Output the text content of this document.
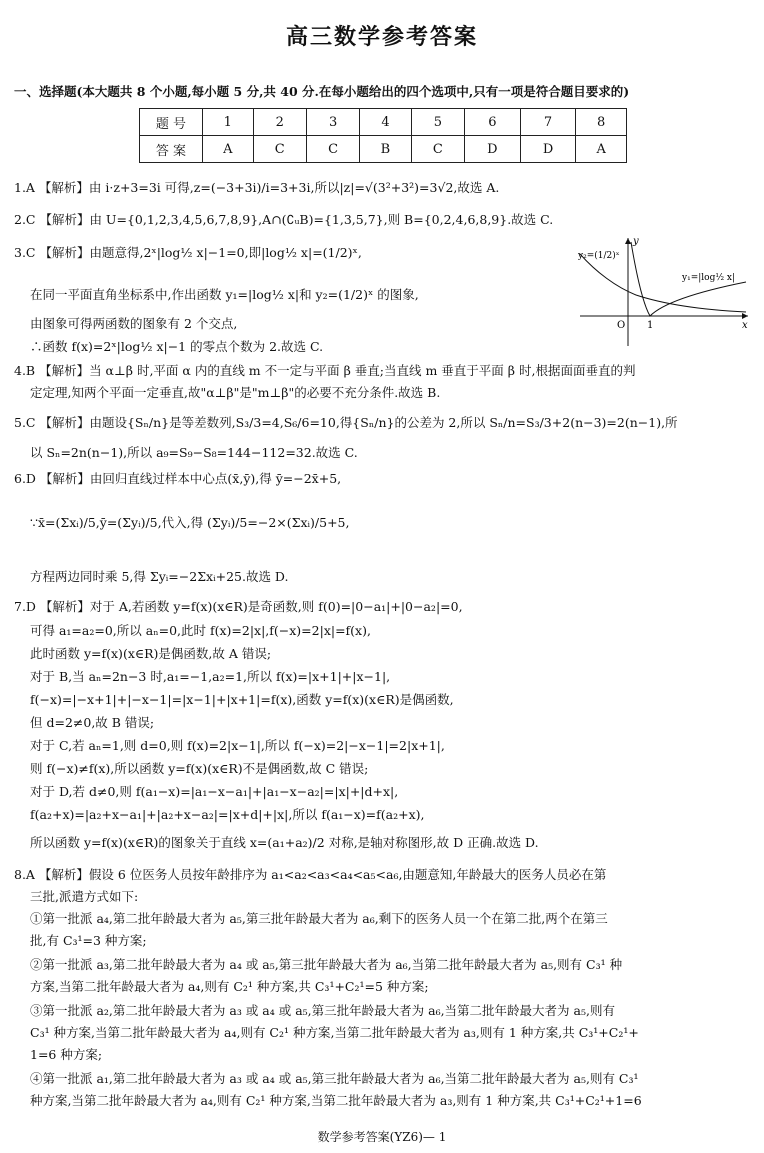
高三数学参考答案
一、选择题(本大题共 8 个小题,每小题 5 分,共 40 分.在每小题给出的四个选项中,只有一项是符合题目要求的)
题 号	1	2	3	4	5	6	7	8
答 案	A	C	C	B	C	D	D	A
1.A 【解析】由 i·z+3=3i 可得,z=(−3+3i)/i=3+3i,所以|z|=√(3²+3²)=3√2,故选 A.
2.C 【解析】由 U={0,1,2,3,4,5,6,7,8,9},A∩(∁ᵤB)={1,3,5,7},则 B={0,2,4,6,8,9}.故选 C.
3.C 【解析】由题意得,2ˣ|log½ x|−1=0,即|log½ x|=(1/2)ˣ,
在同一平面直角坐标系中,作出函数 y₁=|log½ x|和 y₂=(1/2)ˣ 的图象,
由图象可得两函数的图象有 2 个交点,
∴函数 f(x)=2ˣ|log½ x|−1 的零点个数为 2.故选 C.
y₂=(1/2)ˣ
y₁=|log½ x|
O 1	x
y
4.B 【解析】当 α⊥β 时,平面 α 内的直线 m 不一定与平面 β 垂直;当直线 m 垂直于平面 β 时,根据面面垂直的判
定定理,知两个平面一定垂直,故"α⊥β"是"m⊥β"的必要不充分条件.故选 B.
5.C 【解析】由题设{Sₙ/n}是等差数列,S₃/3=4,S₆/6=10,得{Sₙ/n}的公差为 2,所以 Sₙ/n=S₃/3+2(n−3)=2(n−1),所
以 Sₙ=2n(n−1),所以 a₉=S₉−S₈=144−112=32.故选 C.
6.D 【解析】由回归直线过样本中心点(x̄,ȳ),得 ȳ=−2x̄+5,
∵x̄=(Σxᵢ)/5,ȳ=(Σyᵢ)/5,代入,得 (Σyᵢ)/5=−2×(Σxᵢ)/5+5,
方程两边同时乘 5,得 Σyᵢ=−2Σxᵢ+25.故选 D.
7.D 【解析】对于 A,若函数 y=f(x)(x∈R)是奇函数,则 f(0)=|0−a₁|+|0−a₂|=0,
可得 a₁=a₂=0,所以 aₙ=0,此时 f(x)=2|x|,f(−x)=2|x|=f(x),
此时函数 y=f(x)(x∈R)是偶函数,故 A 错误;
对于 B,当 aₙ=2n−3 时,a₁=−1,a₂=1,所以 f(x)=|x+1|+|x−1|,
f(−x)=|−x+1|+|−x−1|=|x−1|+|x+1|=f(x),函数 y=f(x)(x∈R)是偶函数,
但 d=2≠0,故 B 错误;
对于 C,若 aₙ=1,则 d=0,则 f(x)=2|x−1|,所以 f(−x)=2|−x−1|=2|x+1|,
则 f(−x)≠f(x),所以函数 y=f(x)(x∈R)不是偶函数,故 C 错误;
对于 D,若 d≠0,则 f(a₁−x)=|a₁−x−a₁|+|a₁−x−a₂|=|x|+|d+x|,
f(a₂+x)=|a₂+x−a₁|+|a₂+x−a₂|=|x+d|+|x|,所以 f(a₁−x)=f(a₂+x),
所以函数 y=f(x)(x∈R)的图象关于直线 x=(a₁+a₂)/2 对称,是轴对称图形,故 D 正确.故选 D.
8.A 【解析】假设 6 位医务人员按年龄排序为 a₁<a₂<a₃<a₄<a₅<a₆,由题意知,年龄最大的医务人员必在第
三批,派遣方式如下:
①第一批派 a₄,第二批年龄最大者为 a₅,第三批年龄最大者为 a₆,剩下的医务人员一个在第二批,两个在第三
批,有 C₃¹=3 种方案;
②第一批派 a₃,第二批年龄最大者为 a₄ 或 a₅,第三批年龄最大者为 a₆,当第二批年龄最大者为 a₅,则有 C₃¹ 种
方案,当第二批年龄最大者为 a₄,则有 C₂¹ 种方案,共 C₃¹+C₂¹=5 种方案;
③第一批派 a₂,第二批年龄最大者为 a₃ 或 a₄ 或 a₅,第三批年龄最大者为 a₆,当第二批年龄最大者为 a₅,则有
C₃¹ 种方案,当第二批年龄最大者为 a₄,则有 C₂¹ 种方案,当第二批年龄最大者为 a₃,则有 1 种方案,共 C₃¹+C₂¹+
1=6 种方案;
④第一批派 a₁,第二批年龄最大者为 a₃ 或 a₄ 或 a₅,第三批年龄最大者为 a₆,当第二批年龄最大者为 a₅,则有 C₃¹
种方案,当第二批年龄最大者为 a₄,则有 C₂¹ 种方案,当第二批年龄最大者为 a₃,则有 1 种方案,共 C₃¹+C₂¹+1=6
数学参考答案(YZ6)— 1
